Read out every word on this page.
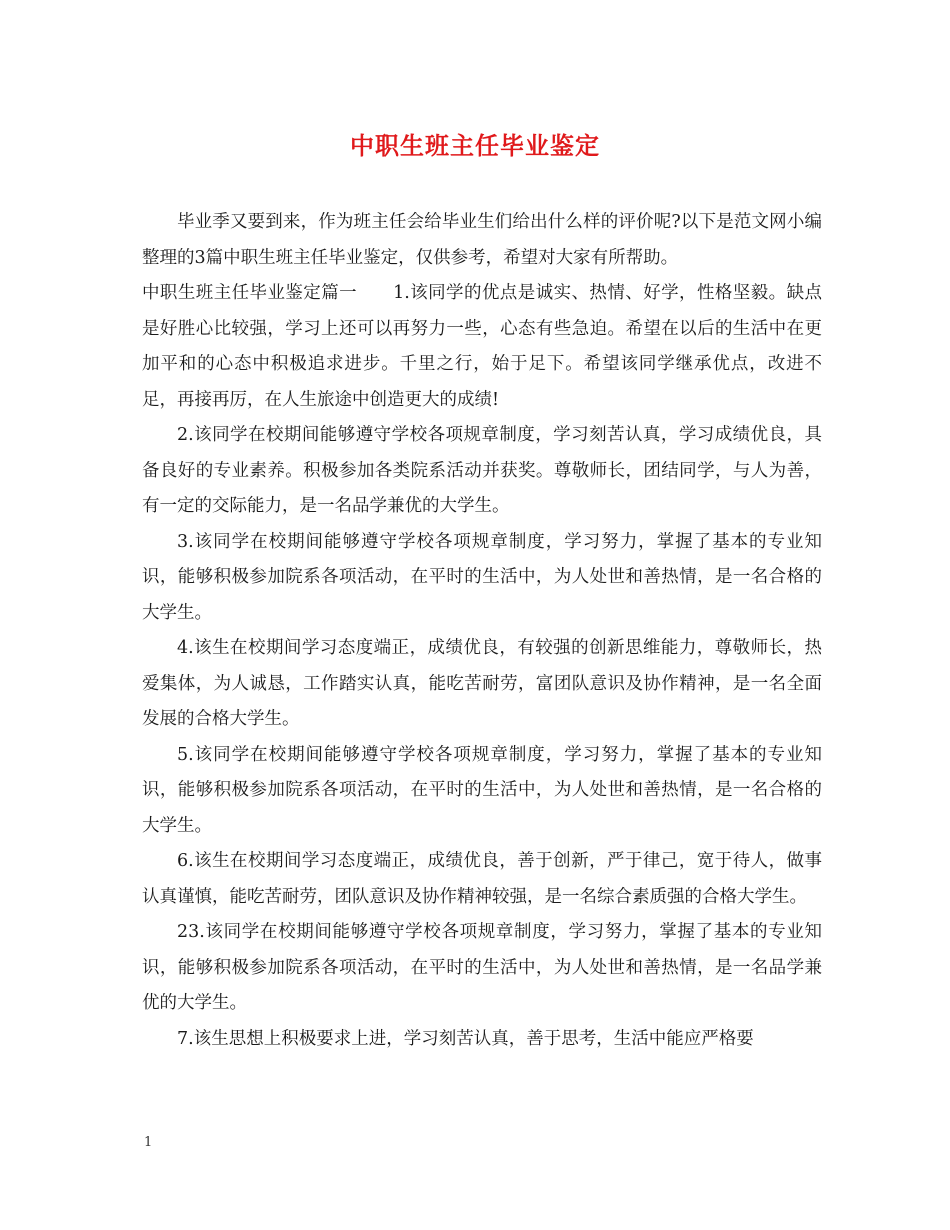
中职生班主任毕业鉴定

毕业季又要到来，作为班主任会给毕业生们给出什么样的评价呢?以下是范文网小编整理的3篇中职生班主任毕业鉴定，仅供参考，希望对大家有所帮助。

中职生班主任毕业鉴定篇一 1.该同学的优点是诚实、热情、好学，性格坚毅。缺点是好胜心比较强，学习上还可以再努力一些，心态有些急迫。希望在以后的生活中在更加平和的心态中积极追求进步。千里之行，始于足下。希望该同学继承优点，改进不足，再接再厉，在人生旅途中创造更大的成绩!

2.该同学在校期间能够遵守学校各项规章制度，学习刻苦认真，学习成绩优良，具备良好的专业素养。积极参加各类院系活动并获奖。尊敬师长，团结同学，与人为善，有一定的交际能力，是一名品学兼优的大学生。

3.该同学在校期间能够遵守学校各项规章制度，学习努力，掌握了基本的专业知识，能够积极参加院系各项活动，在平时的生活中，为人处世和善热情，是一名合格的大学生。

4.该生在校期间学习态度端正，成绩优良，有较强的创新思维能力，尊敬师长，热爱集体，为人诚恳，工作踏实认真，能吃苦耐劳，富团队意识及协作精神，是一名全面发展的合格大学生。

5.该同学在校期间能够遵守学校各项规章制度，学习努力，掌握了基本的专业知识，能够积极参加院系各项活动，在平时的生活中，为人处世和善热情，是一名合格的大学生。

6.该生在校期间学习态度端正，成绩优良，善于创新，严于律己，宽于待人，做事认真谨慎，能吃苦耐劳，团队意识及协作精神较强，是一名综合素质强的合格大学生。

23.该同学在校期间能够遵守学校各项规章制度，学习努力，掌握了基本的专业知识，能够积极参加院系各项活动，在平时的生活中，为人处世和善热情，是一名品学兼优的大学生。

7.该生思想上积极要求上进，学习刻苦认真，善于思考，生活中能应严格要

1
